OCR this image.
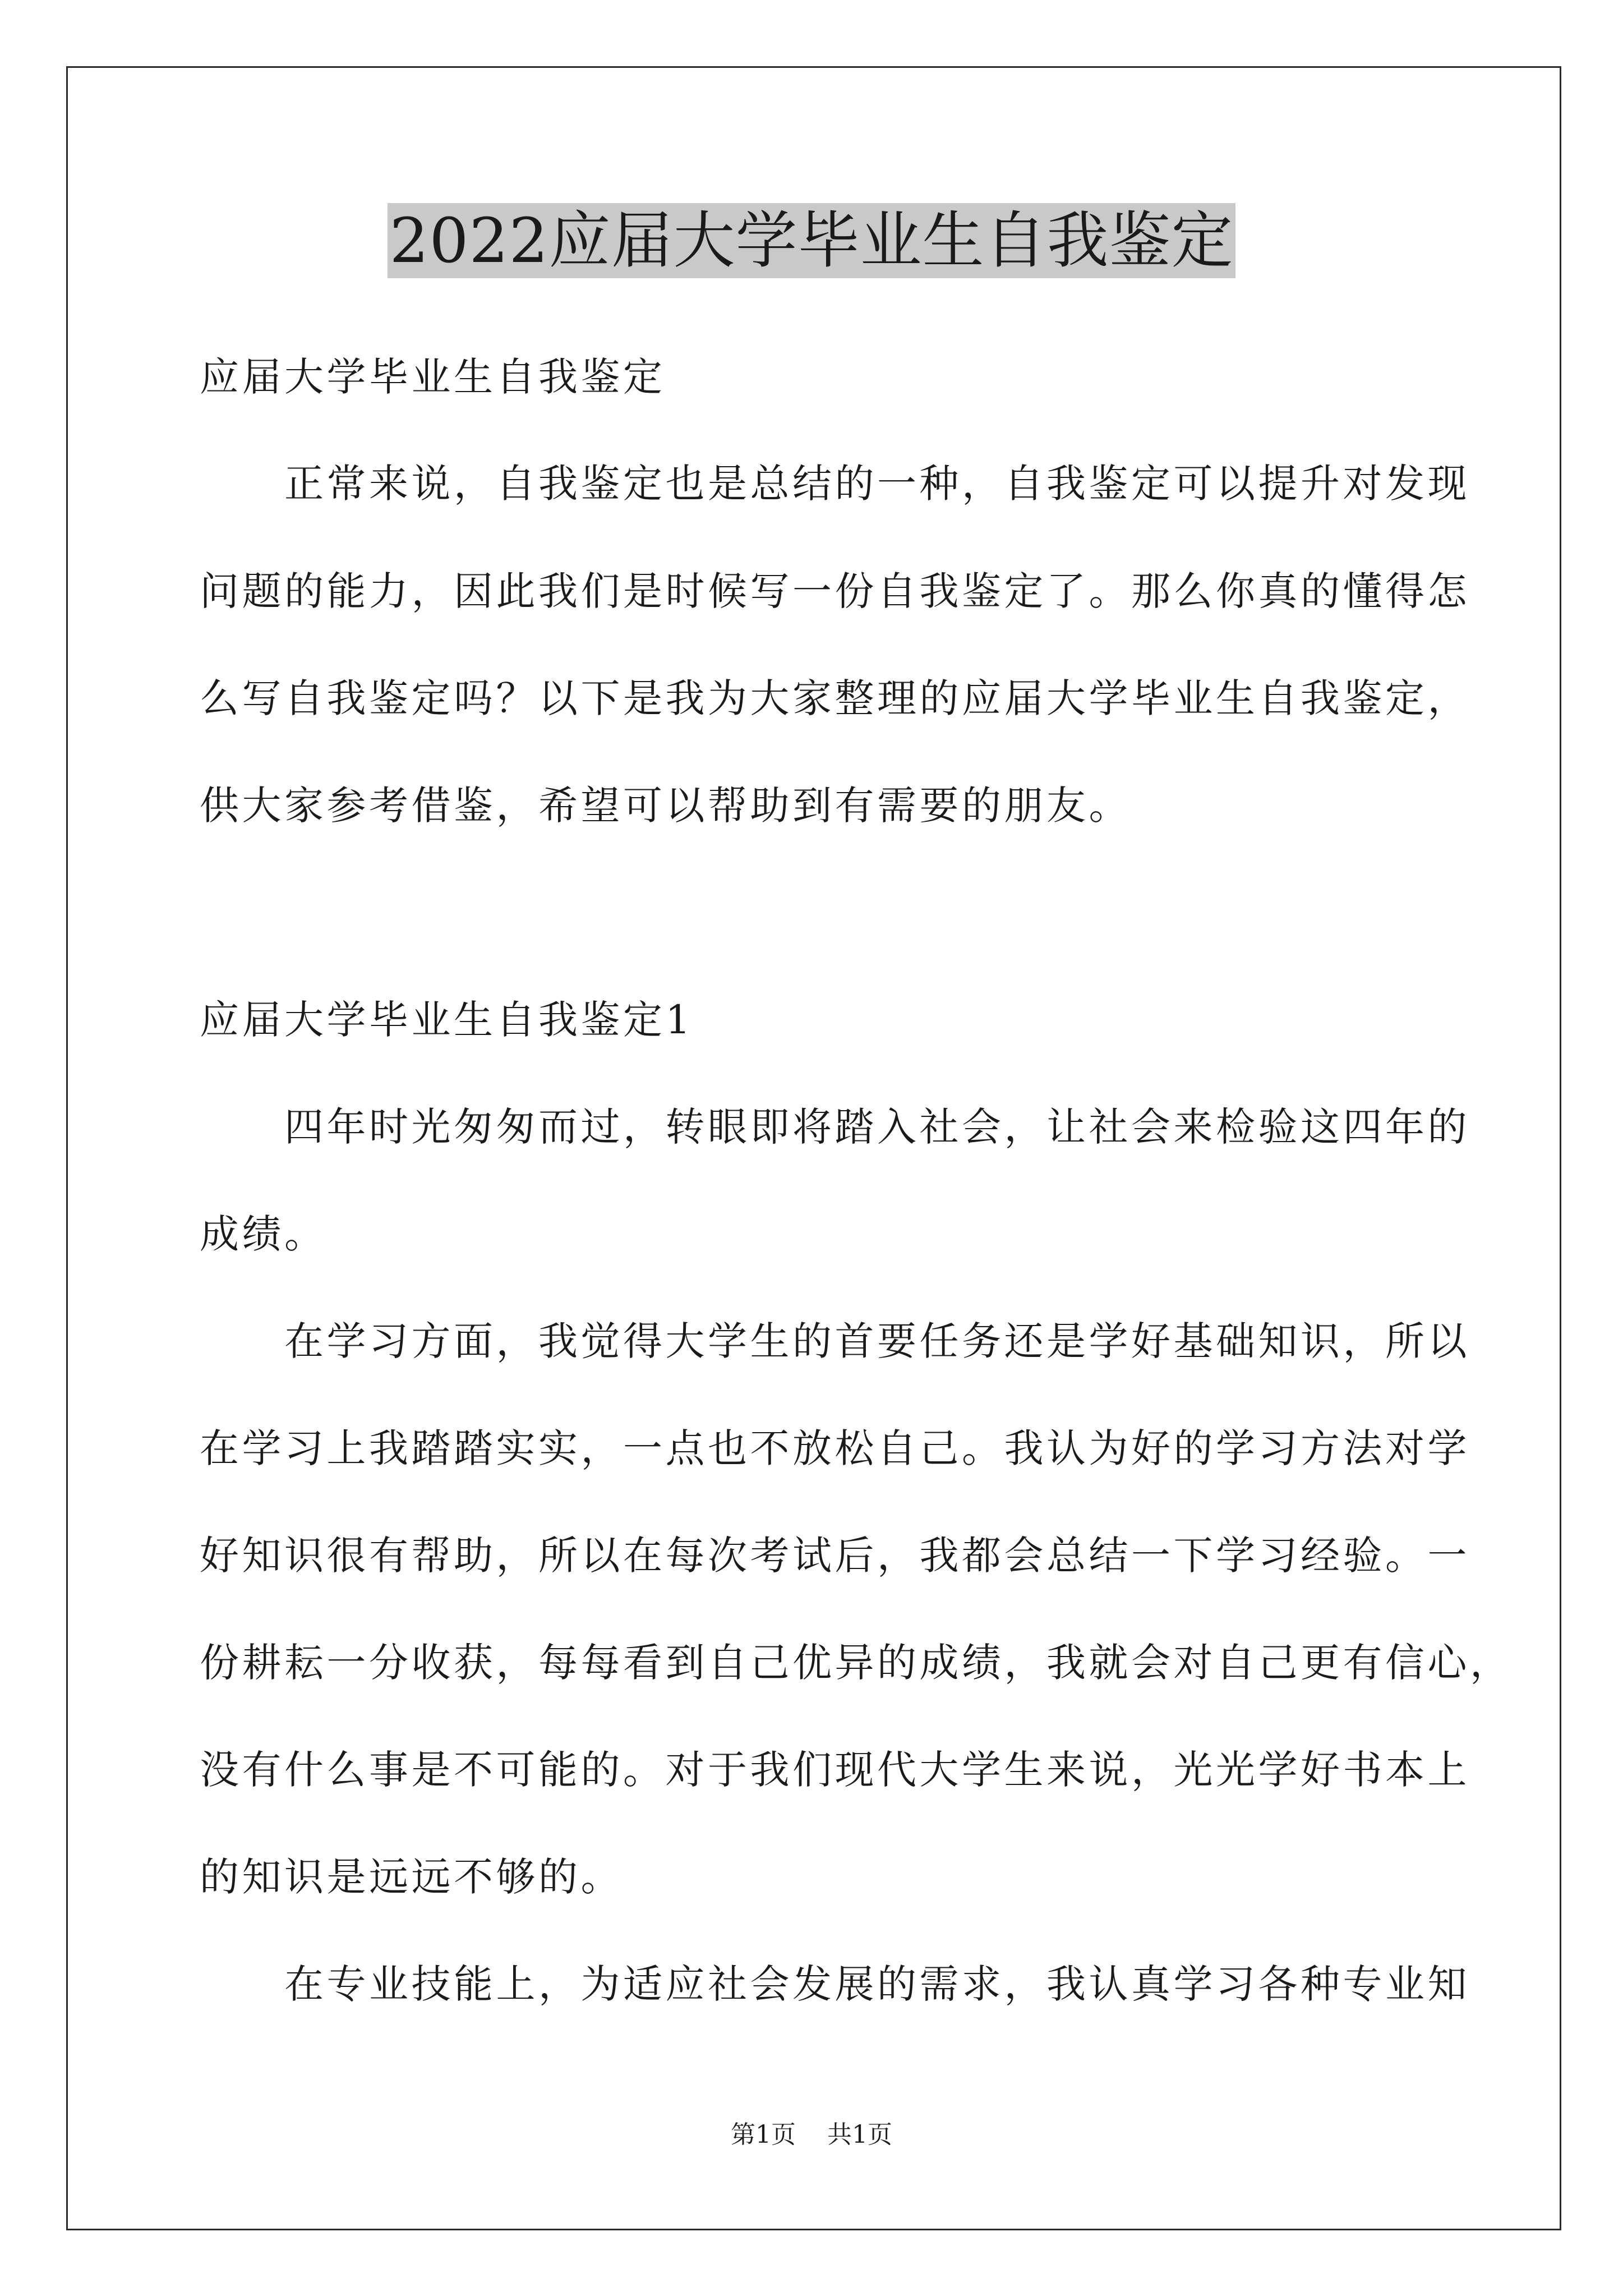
2022应届大学毕业生自我鉴定
应届大学毕业生自我鉴定
　　正常来说，自我鉴定也是总结的一种，自我鉴定可以提升对发现
问题的能力，因此我们是时候写一份自我鉴定了。那么你真的懂得怎
么写自我鉴定吗？以下是我为大家整理的应届大学毕业生自我鉴定，
供大家参考借鉴，希望可以帮助到有需要的朋友。
应届大学毕业生自我鉴定1
　　四年时光匆匆而过，转眼即将踏入社会，让社会来检验这四年的
成绩。
　　在学习方面，我觉得大学生的首要任务还是学好基础知识，所以
在学习上我踏踏实实，一点也不放松自己。我认为好的学习方法对学
好知识很有帮助，所以在每次考试后，我都会总结一下学习经验。一
份耕耘一分收获，每每看到自己优异的成绩，我就会对自己更有信心，
没有什么事是不可能的。对于我们现代大学生来说，光光学好书本上
的知识是远远不够的。
　　在专业技能上，为适应社会发展的需求，我认真学习各种专业知
第1页 共1页
